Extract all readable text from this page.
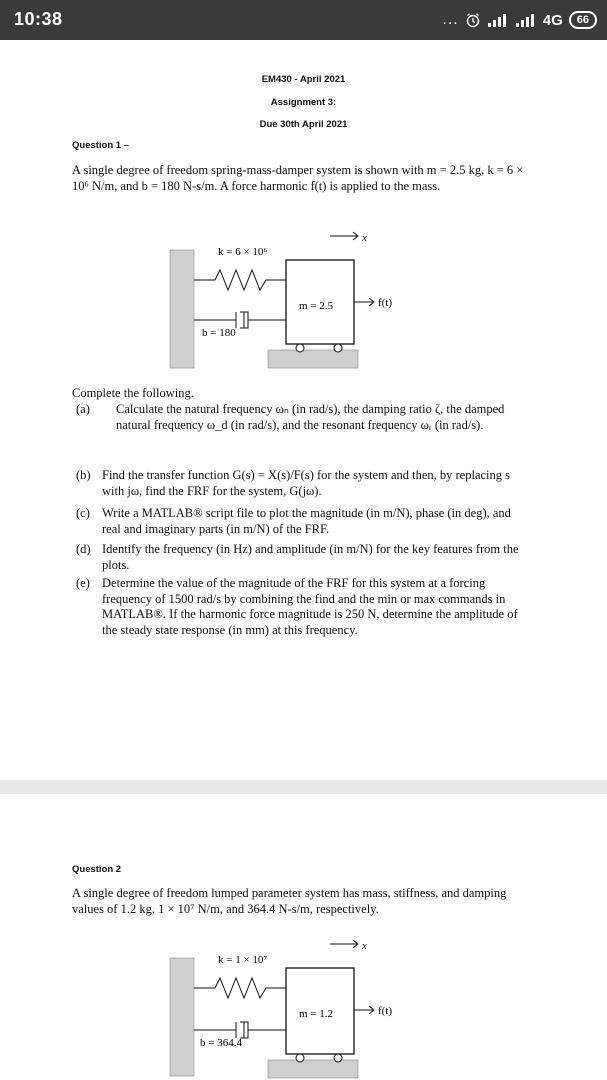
10:38	...	4G	66
EM430 - April 2021
Assignment 3:
Due 30th April 2021
Question 1 –
A single degree of freedom spring-mass-damper system is shown with m = 2.5 kg, k = 6 × 10⁶ N/m, and b = 180 N-s/m. A force harmonic f(t) is applied to the mass.
k = 6 × 10⁶
m = 2.5
b = 180
x
f(t)
Complete the following.
(a) Calculate the natural frequency ωₙ (in rad/s), the damping ratio ζ, the damped natural frequency ω_d (in rad/s), and the resonant frequency ωᵣ (in rad/s).
(b) Find the transfer function G(s) = X(s)/F(s) for the system and then, by replacing s with jω, find the FRF for the system, G(jω).
(c) Write a MATLAB® script file to plot the magnitude (in m/N), phase (in deg), and real and imaginary parts (in m/N) of the FRF.
(d) Identify the frequency (in Hz) and amplitude (in m/N) for the key features from the plots.
(e) Determine the value of the magnitude of the FRF for this system at a forcing frequency of 1500 rad/s by combining the find and the min or max commands in MATLAB®. If the harmonic force magnitude is 250 N, determine the amplitude of the steady state response (in mm) at this frequency.
Question 2
A single degree of freedom lumped parameter system has mass, stiffness, and damping values of 1.2 kg, 1 × 10⁷ N/m, and 364.4 N-s/m, respectively.
k = 1 × 10⁷
m = 1.2
b = 364.4
x
f(t)
